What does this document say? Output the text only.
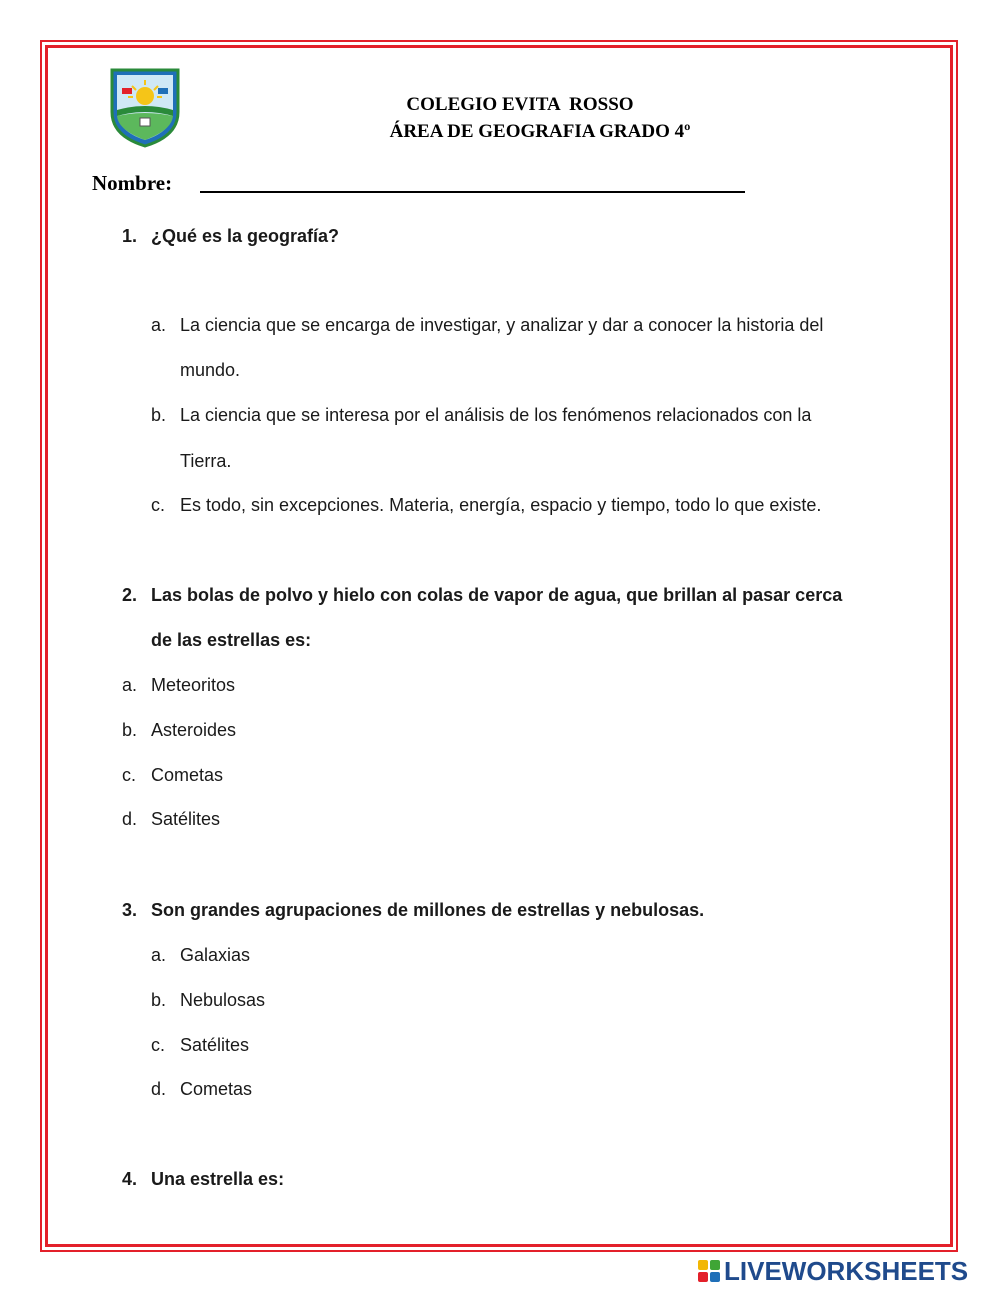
COLEGIO EVITA  ROSSO
ÁREA DE GEOGRAFIA GRADO 4º
Nombre:
1. ¿Qué es la geografía?
a. La ciencia que se encarga de investigar, y analizar y dar a conocer la historia del
mundo.
b. La ciencia que se interesa por el análisis de los fenómenos relacionados con la
Tierra.
c. Es todo, sin excepciones. Materia, energía, espacio y tiempo, todo lo que existe.
2. Las bolas de polvo y hielo con colas de vapor de agua, que brillan al pasar cerca
de las estrellas es:
a. Meteoritos
b. Asteroides
c. Cometas
d. Satélites
3. Son grandes agrupaciones de millones de estrellas y nebulosas.
a. Galaxias
b. Nebulosas
c. Satélites
d. Cometas
4. Una estrella es:
LIVEWORKSHEETS
